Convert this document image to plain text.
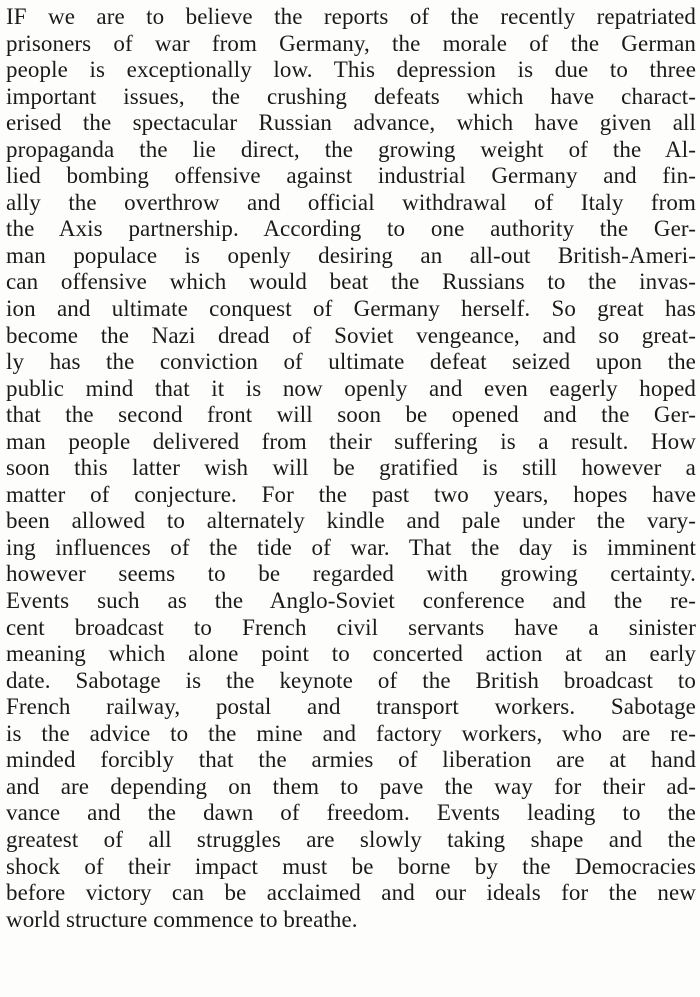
IF we are to believe the reports of the recently repatriated
prisoners of war from Germany, the morale of the German
people is exceptionally low. This depression is due to three
important issues, the crushing defeats which have charact-
erised the spectacular Russian advance, which have given all
propaganda the lie direct, the growing weight of the Al-
lied bombing offensive against industrial Germany and fin-
ally the overthrow and official withdrawal of Italy from
the Axis partnership. According to one authority the Ger-
man populace is openly desiring an all-out British-Ameri-
can offensive which would beat the Russians to the invas-
ion and ultimate conquest of Germany herself. So great has
become the Nazi dread of Soviet vengeance, and so great-
ly has the conviction of ultimate defeat seized upon the
public mind that it is now openly and even eagerly hoped
that the second front will soon be opened and the Ger-
man people delivered from their suffering is a result. How
soon this latter wish will be gratified is still however a
matter of conjecture. For the past two years, hopes have
been allowed to alternately kindle and pale under the vary-
ing influences of the tide of war. That the day is imminent
however seems to be regarded with growing certainty.
Events such as the Anglo-Soviet conference and the re-
cent broadcast to French civil servants have a sinister
meaning which alone point to concerted action at an early
date. Sabotage is the keynote of the British broadcast to
French railway, postal and transport workers. Sabotage
is the advice to the mine and factory workers, who are re-
minded forcibly that the armies of liberation are at hand
and are depending on them to pave the way for their ad-
vance and the dawn of freedom. Events leading to the
greatest of all struggles are slowly taking shape and the
shock of their impact must be borne by the Democracies
before victory can be acclaimed and our ideals for the new
world structure commence to breathe.
